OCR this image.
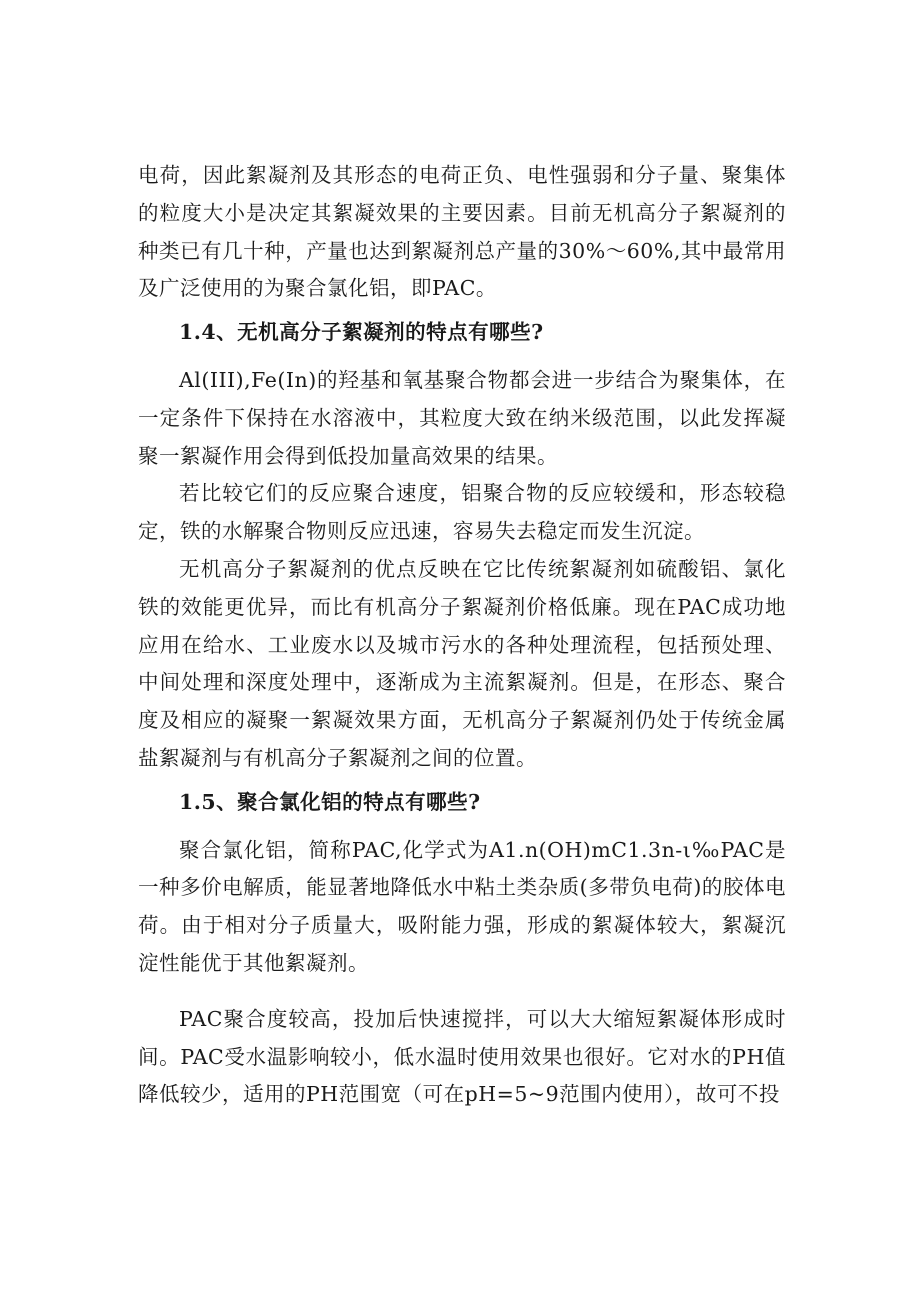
电荷，因此絮凝剂及其形态的电荷正负、电性强弱和分子量、聚集体的粒度大小是决定其絮凝效果的主要因素。目前无机高分子絮凝剂的种类已有几十种，产量也达到絮凝剂总产量的30%～60%,其中最常用及广泛使用的为聚合氯化铝，即PAC。

1.4、无机高分子絮凝剂的特点有哪些?

Al(III),Fe(In)的羟基和氧基聚合物都会进一步结合为聚集体，在一定条件下保持在水溶液中，其粒度大致在纳米级范围，以此发挥凝聚一絮凝作用会得到低投加量高效果的结果。

若比较它们的反应聚合速度，铝聚合物的反应较缓和，形态较稳定，铁的水解聚合物则反应迅速，容易失去稳定而发生沉淀。

无机高分子絮凝剂的优点反映在它比传统絮凝剂如硫酸铝、氯化铁的效能更优异，而比有机高分子絮凝剂价格低廉。现在PAC成功地应用在给水、工业废水以及城市污水的各种处理流程，包括预处理、中间处理和深度处理中，逐渐成为主流絮凝剂。但是，在形态、聚合度及相应的凝聚一絮凝效果方面，无机高分子絮凝剂仍处于传统金属盐絮凝剂与有机高分子絮凝剂之间的位置。

1.5、聚合氯化铝的特点有哪些?

聚合氯化铝，简称PAC,化学式为A1.n(OH)mC1.3n-ι‰PAC是一种多价电解质，能显著地降低水中粘土类杂质(多带负电荷)的胶体电荷。由于相对分子质量大，吸附能力强，形成的絮凝体较大，絮凝沉淀性能优于其他絮凝剂。

PAC聚合度较高，投加后快速搅拌，可以大大缩短絮凝体形成时间。PAC受水温影响较小，低水温时使用效果也很好。它对水的PH值降低较少，适用的PH范围宽（可在pH=5~9范围内使用），故可不投
